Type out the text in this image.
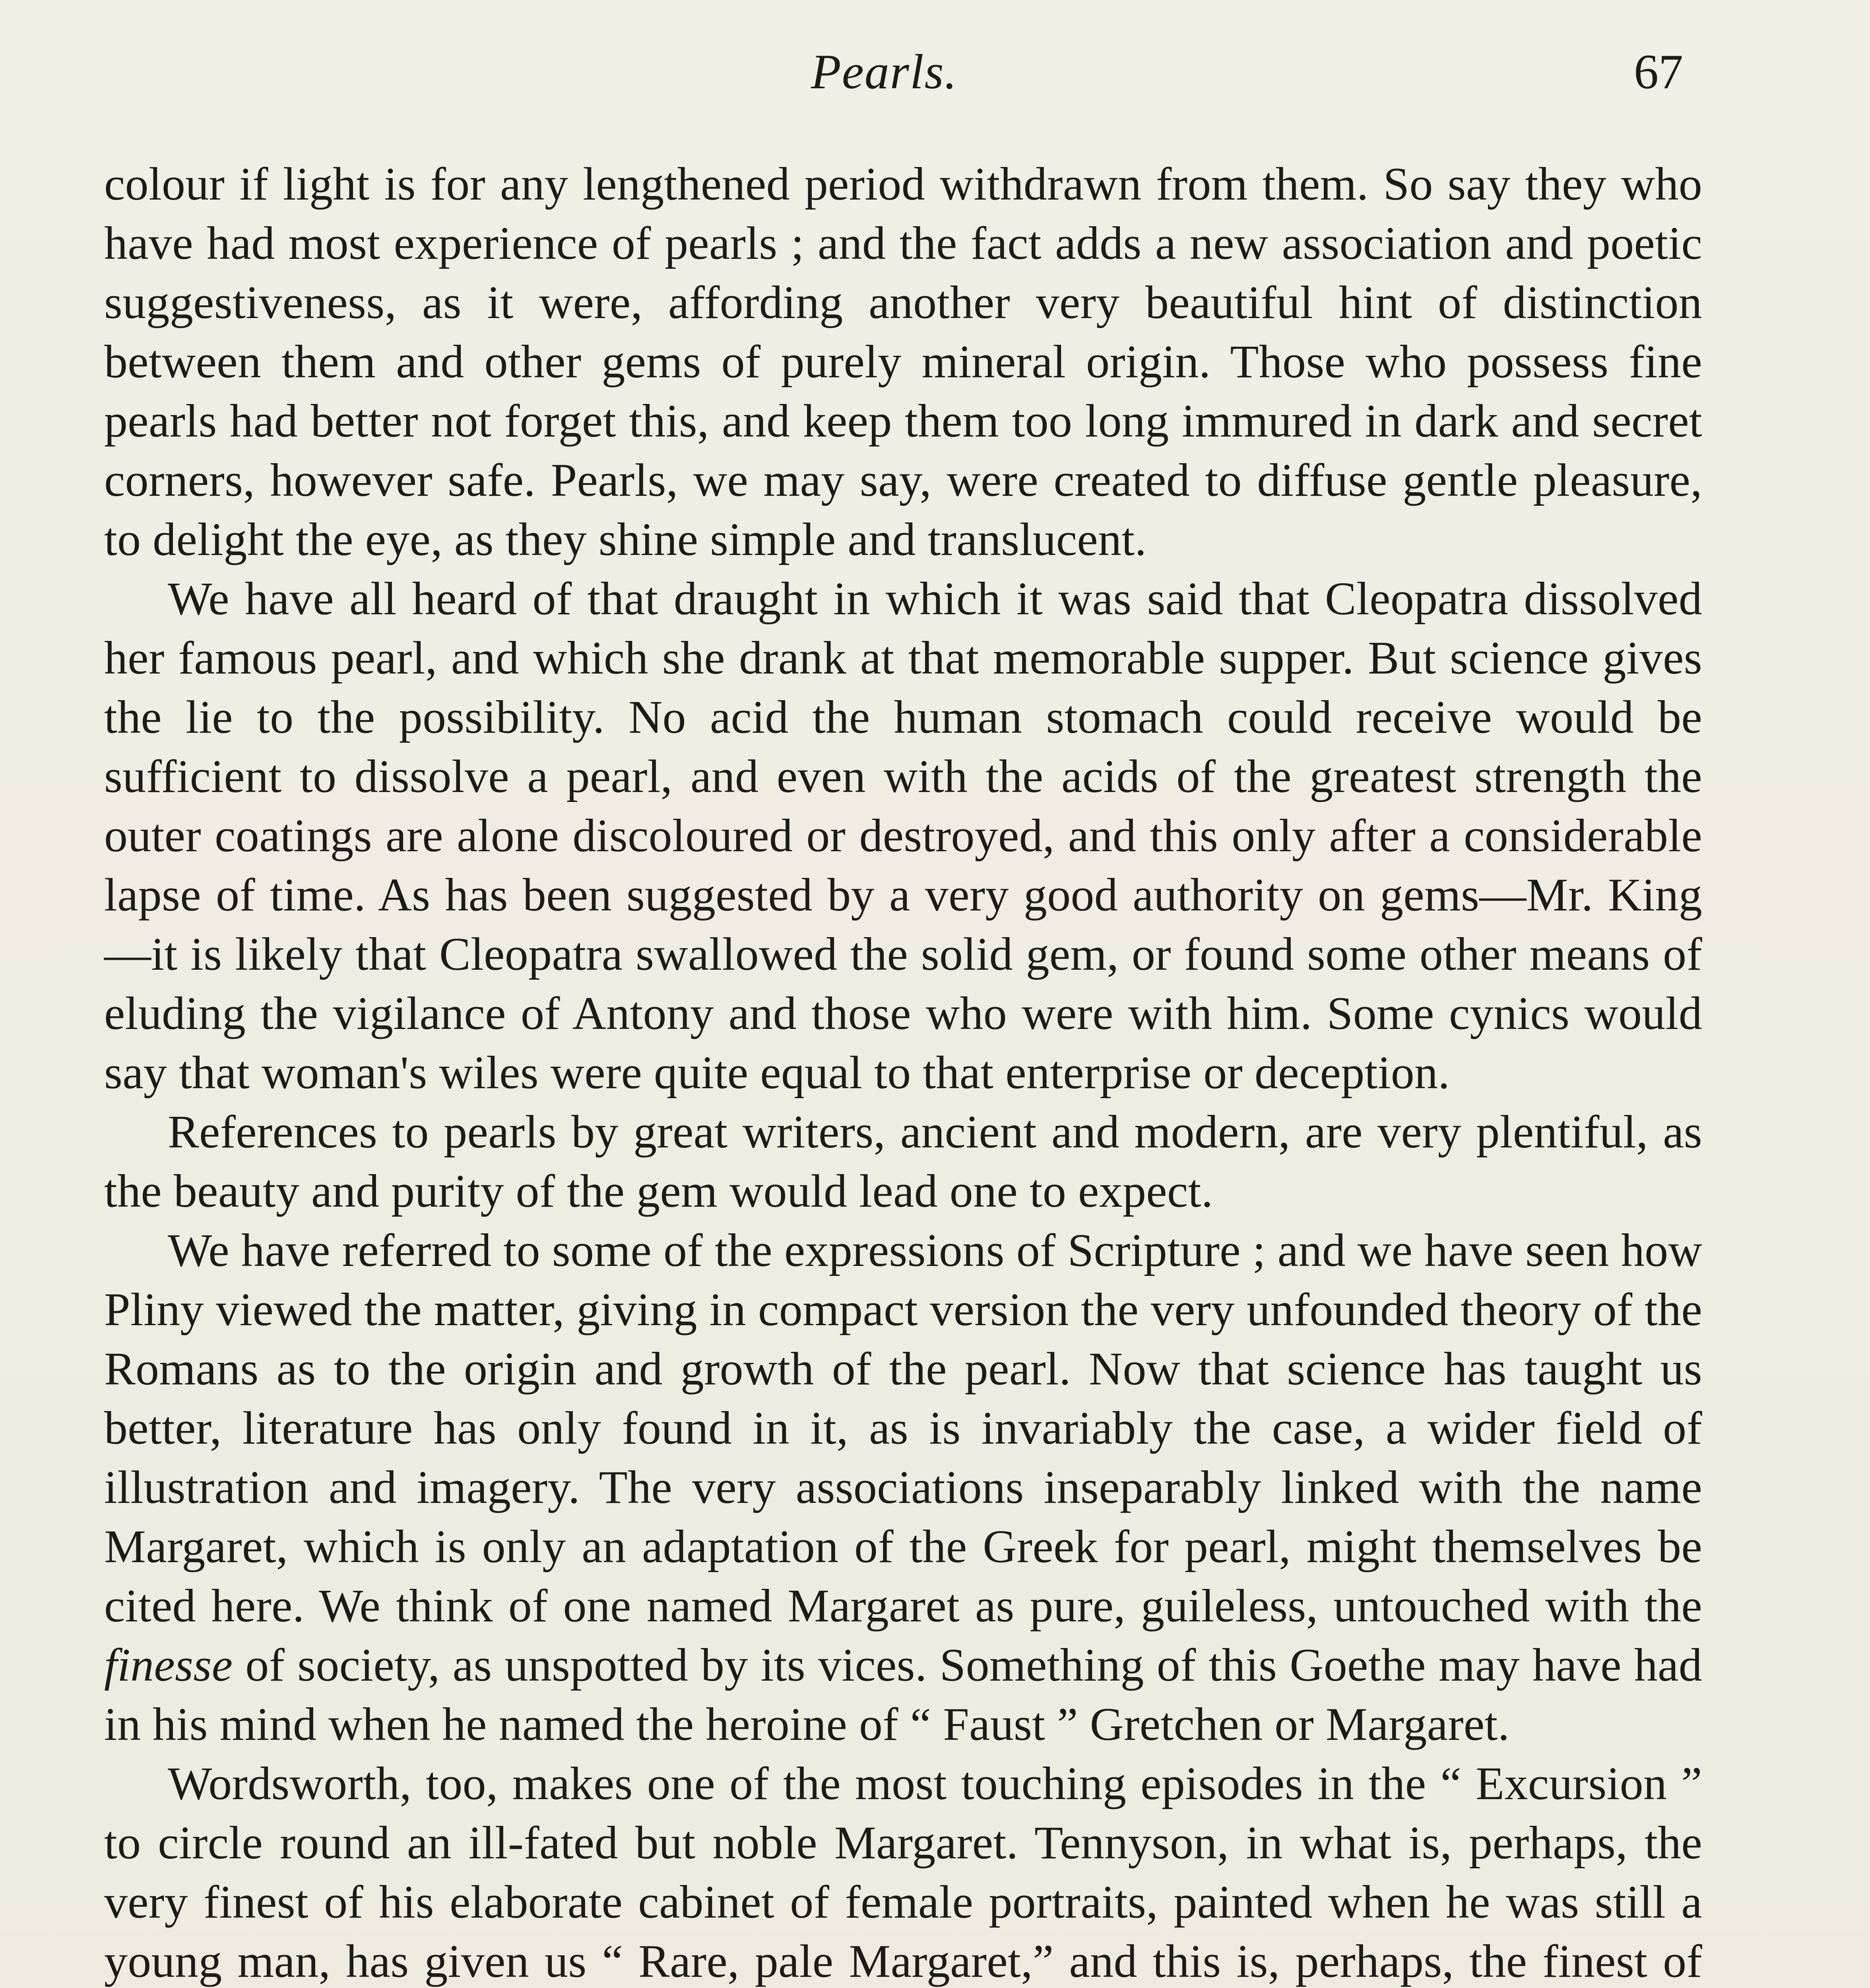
Pearls.	67

colour if light is for any lengthened period withdrawn from them. So say they who have had most experience of pearls ; and the fact adds a new association and poetic suggestiveness, as it were, affording another very beautiful hint of distinction between them and other gems of purely mineral origin. Those who possess fine pearls had better not forget this, and keep them too long immured in dark and secret corners, however safe. Pearls, we may say, were created to diffuse gentle pleasure, to delight the eye, as they shine simple and translucent.

We have all heard of that draught in which it was said that Cleopatra dissolved her famous pearl, and which she drank at that memorable supper. But science gives the lie to the possibility. No acid the human stomach could receive would be sufficient to dissolve a pearl, and even with the acids of the greatest strength the outer coatings are alone discoloured or destroyed, and this only after a considerable lapse of time. As has been suggested by a very good authority on gems—Mr. King—it is likely that Cleopatra swallowed the solid gem, or found some other means of eluding the vigilance of Antony and those who were with him. Some cynics would say that woman's wiles were quite equal to that enterprise or deception.

References to pearls by great writers, ancient and modern, are very plentiful, as the beauty and purity of the gem would lead one to expect.

We have referred to some of the expressions of Scripture ; and we have seen how Pliny viewed the matter, giving in compact version the very unfounded theory of the Romans as to the origin and growth of the pearl. Now that science has taught us better, literature has only found in it, as is invariably the case, a wider field of illustration and imagery. The very associations inseparably linked with the name Margaret, which is only an adaptation of the Greek for pearl, might themselves be cited here. We think of one named Margaret as pure, guileless, untouched with the finesse of society, as unspotted by its vices. Something of this Goethe may have had in his mind when he named the heroine of “ Faust ” Gretchen or Margaret.

Wordsworth, too, makes one of the most touching episodes in the “ Excursion ” to circle round an ill-fated but noble Margaret. Tennyson, in what is, perhaps, the very finest of his elaborate cabinet of female portraits, painted when he was still a young man, has given us “ Rare, pale Margaret,” and this is, perhaps, the finest of
